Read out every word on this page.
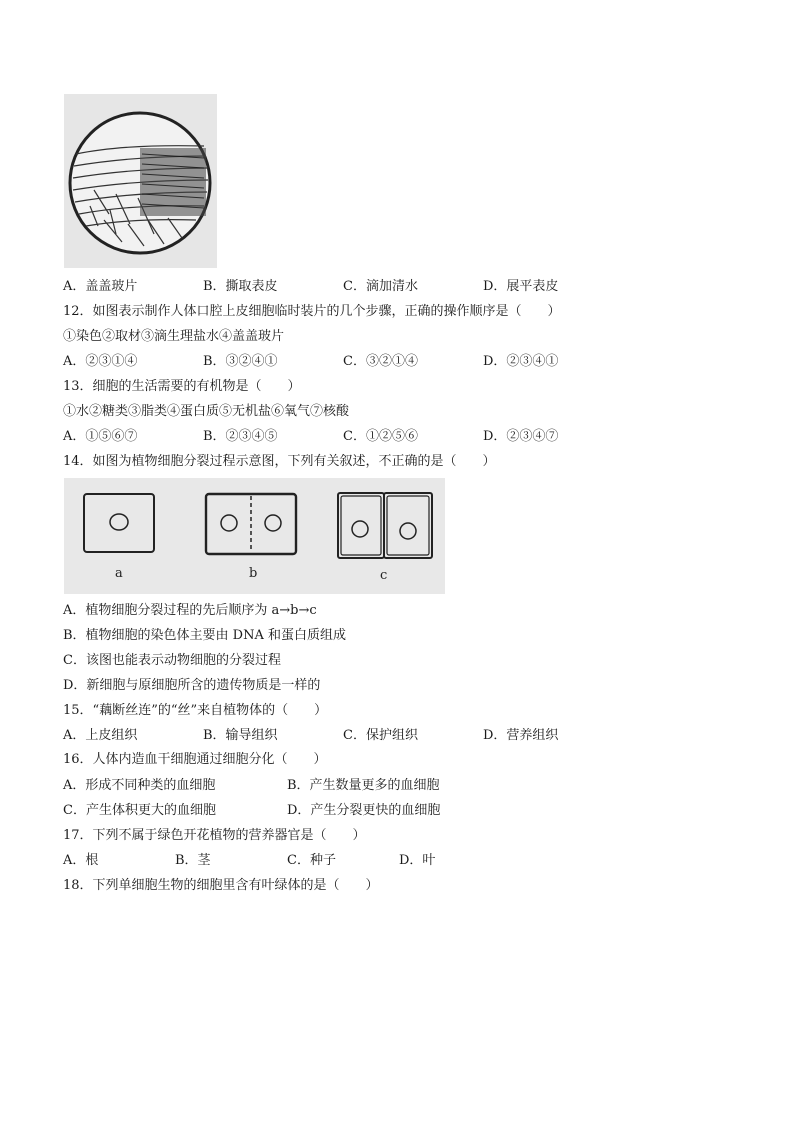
A．盖盖玻片	B．撕取表皮	C．滴加清水	D．展平表皮
12．如图表示制作人体口腔上皮细胞临时装片的几个步骤，正确的操作顺序是（　　）
①染色②取材③滴生理盐水④盖盖玻片
A．②③①④	B．③②④①	C．③②①④	D．②③④①
13．细胞的生活需要的有机物是（　　）
①水②糖类③脂类④蛋白质⑤无机盐⑥氧气⑦核酸
A．①⑤⑥⑦	B．②③④⑤	C．①②⑤⑥	D．②③④⑦
14．如图为植物细胞分裂过程示意图，下列有关叙述，不正确的是（　　）
a	b	c
A．植物细胞分裂过程的先后顺序为 a→b→c
B．植物细胞的染色体主要由 DNA 和蛋白质组成
C．该图也能表示动物细胞的分裂过程
D．新细胞与原细胞所含的遗传物质是一样的
15．“藕断丝连”的“丝”来自植物体的（　　）
A．上皮组织	B．输导组织	C．保护组织	D．营养组织
16．人体内造血干细胞通过细胞分化（　　）
A．形成不同种类的血细胞	B．产生数量更多的血细胞
C．产生体积更大的血细胞	D．产生分裂更快的血细胞
17．下列不属于绿色开花植物的营养器官是（　　）
A．根	B．茎	C．种子	D．叶
18．下列单细胞生物的细胞里含有叶绿体的是（　　）
